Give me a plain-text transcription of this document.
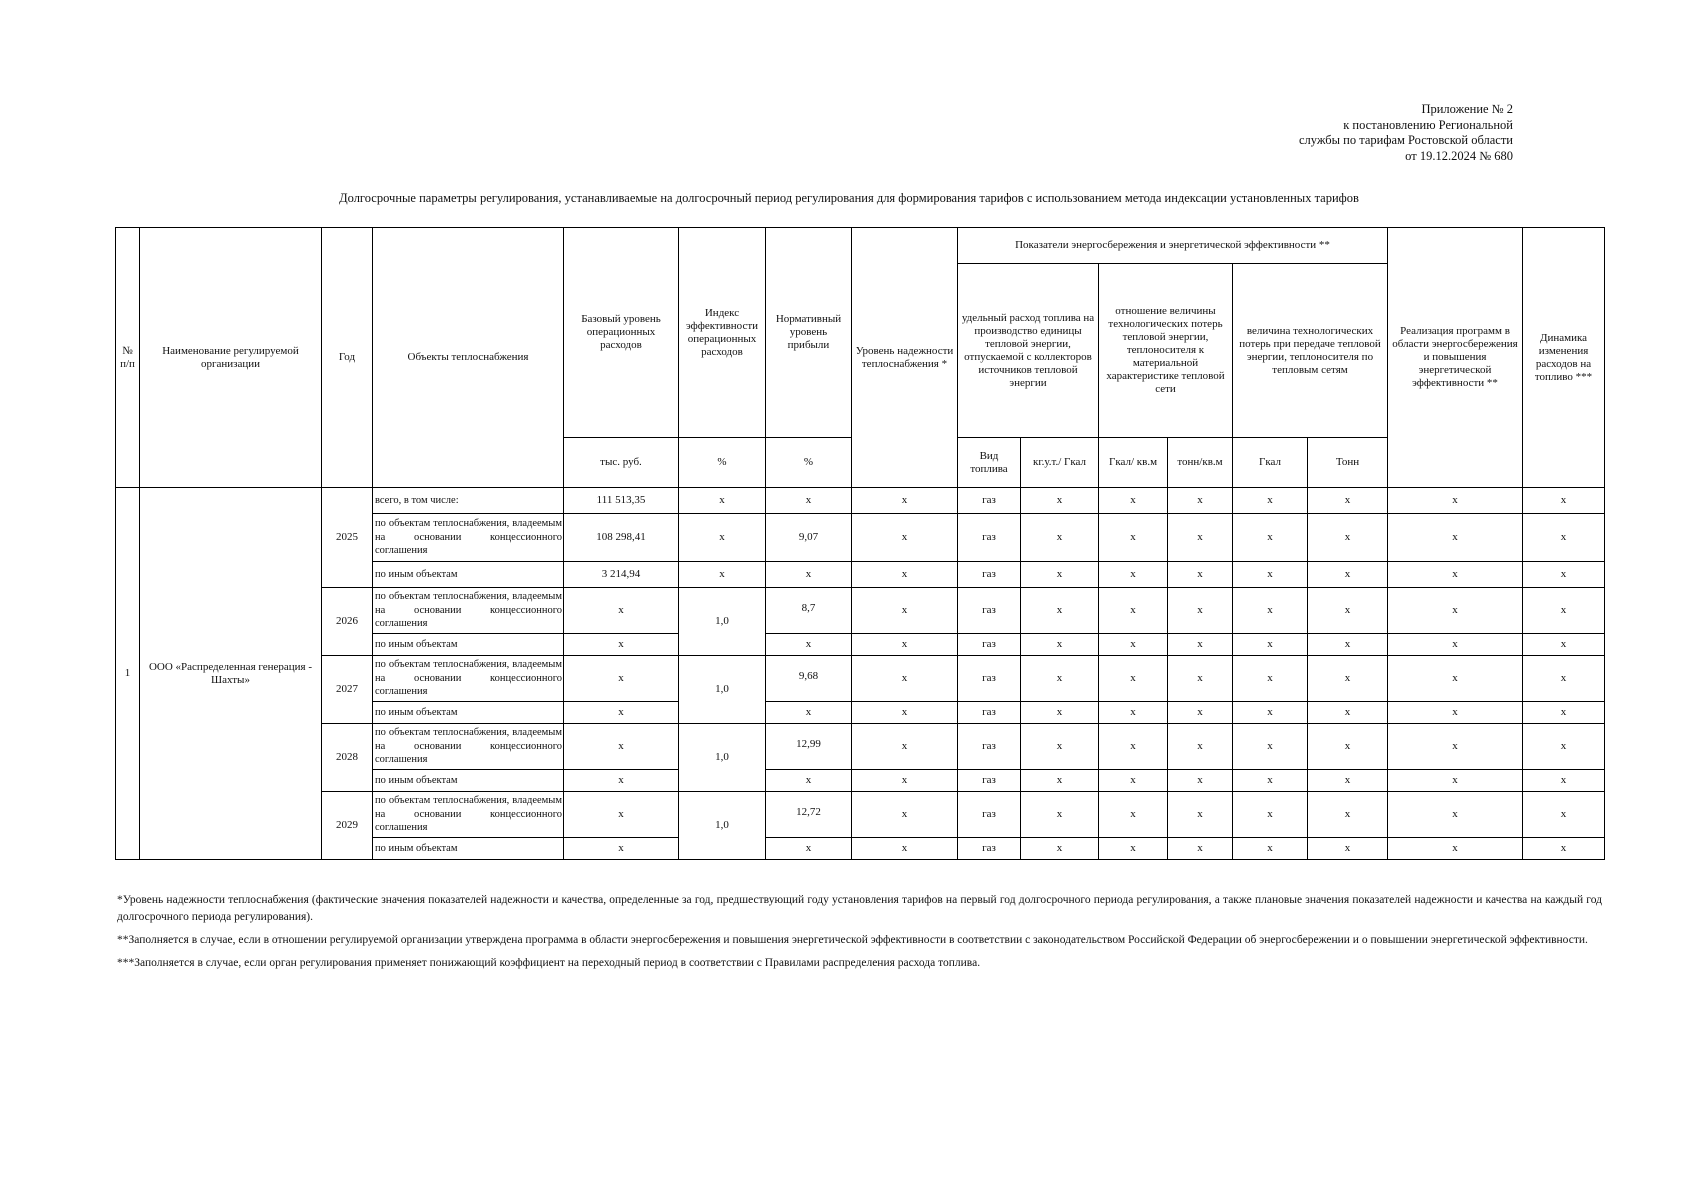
Приложение № 2
к постановлению Региональной
службы по тарифам Ростовской области
от 19.12.2024 № 680
Долгосрочные параметры регулирования, устанавливаемые на долгосрочный период регулирования для формирования тарифов с использованием метода индексации установленных тарифов
№ п/п	Наименование регулируемой организации	Год	Объекты теплоснабжения	Базовый уровень операционных расходов	Индекс эффективности операционных расходов	Нормативный уровень прибыли	Уровень надежности теплоснабжения *	Показатели энергосбережения и энергетической эффективности **						Реализация программ в области энергосбережения и повышения энергетической эффективности **	Динамика изменения расходов на топливо ***
								удельный расход топлива на производство единицы тепловой энергии, отпускаемой с коллекторов источников тепловой энергии		отношение величины технологических потерь тепловой энергии, теплоносителя к материальной характеристике тепловой сети		величина технологических потерь при передаче тепловой энергии, теплоносителя по тепловым сетям			
				тыс. руб.	%	%		Вид топлива	кг.у.т./ Гкал	Гкал/ кв.м	тонн/кв.м	Гкал	Тонн		
1	ООО «Распределенная генерация - Шахты»	2025	всего, в том числе:	111 513,35	х	х	х	газ	х	х	х	х	х	х	х
			по объектам теплоснабжения, владеемым на основании концессионного соглашения	108 298,41	х	9,07	х	газ	х	х	х	х	х	х	х
			по иным объектам	3 214,94	х	х	х	газ	х	х	х	х	х	х	х
		2026	по объектам теплоснабжения, владеемым на основании концессионного соглашения	х	1,0	8,7	х	газ	х	х	х	х	х	х	х
			по иным объектам	х		х	х	газ	х	х	х	х	х	х	х
		2027	по объектам теплоснабжения, владеемым на основании концессионного соглашения	х	1,0	9,68	х	газ	х	х	х	х	х	х	х
			по иным объектам	х		х	х	газ	х	х	х	х	х	х	х
		2028	по объектам теплоснабжения, владеемым на основании концессионного соглашения	х	1,0	12,99	х	газ	х	х	х	х	х	х	х
			по иным объектам	х		х	х	газ	х	х	х	х	х	х	х
		2029	по объектам теплоснабжения, владеемым на основании концессионного соглашения	х	1,0	12,72	х	газ	х	х	х	х	х	х	х
			по иным объектам	х		х	х	газ	х	х	х	х	х	х	х

*Уровень надежности теплоснабжения (фактические значения показателей надежности и качества, определенные за год, предшествующий году установления тарифов на первый год долгосрочного периода регулирования, а также плановые значения показателей надежности и качества на каждый год долгосрочного периода регулирования).

**Заполняется в случае, если в отношении регулируемой организации утверждена программа в области энергосбережения и повышения энергетической эффективности в соответствии с законодательством Российской Федерации об энергосбережении и о повышении энергетической эффективности.

***Заполняется в случае, если орган регулирования применяет понижающий коэффициент на переходный период в соответствии с Правилами распределения расхода топлива.
